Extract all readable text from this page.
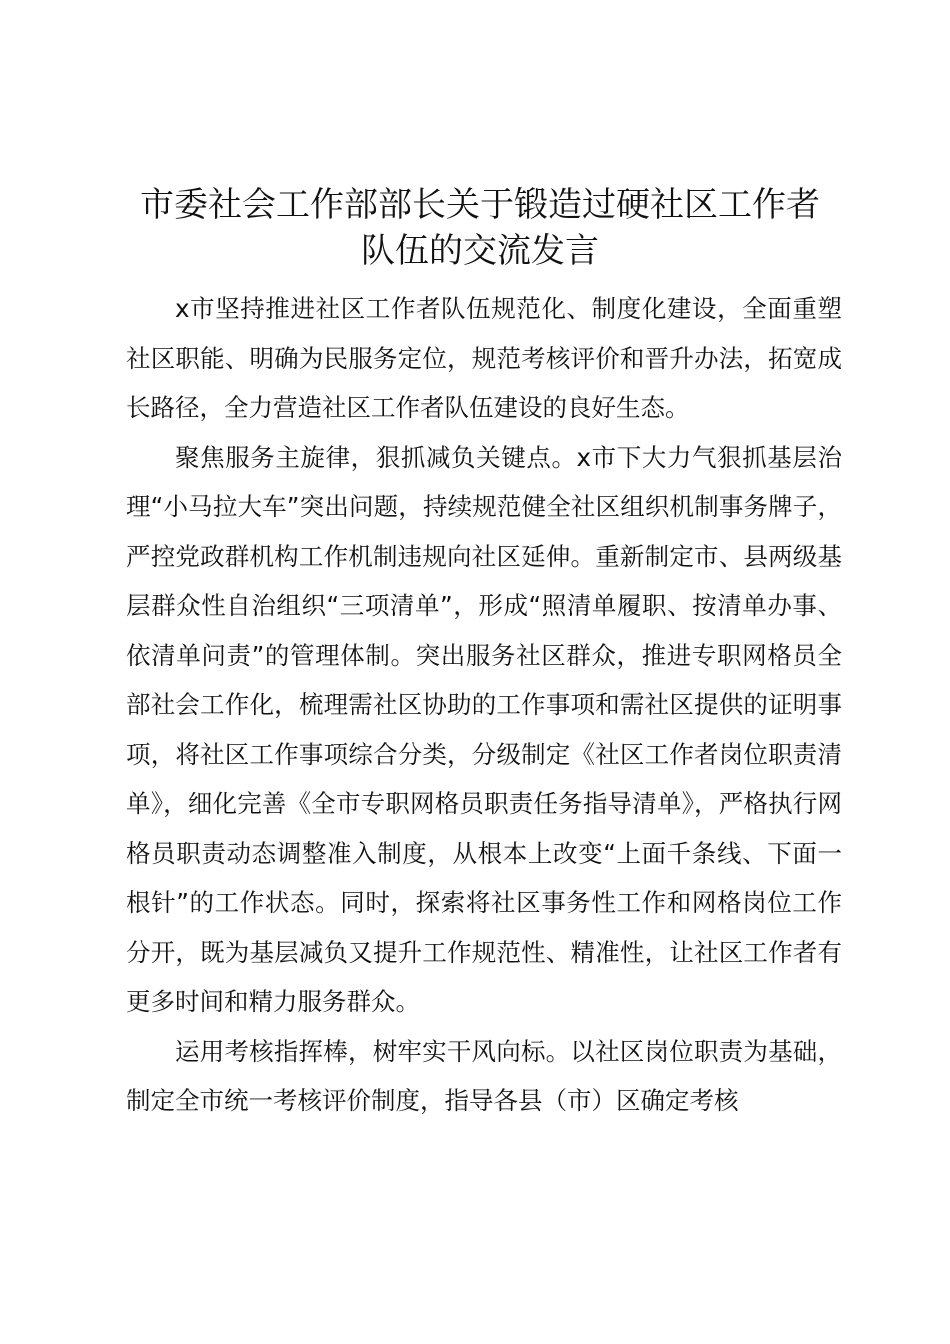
市委社会工作部部长关于锻造过硬社区工作者
队伍的交流发言

x市坚持推进社区工作者队伍规范化、制度化建设，全面重塑社区职能、明确为民服务定位，规范考核评价和晋升办法，拓宽成长路径，全力营造社区工作者队伍建设的良好生态。

聚焦服务主旋律，狠抓减负关键点。x市下大力气狠抓基层治理“小马拉大车”突出问题，持续规范健全社区组织机制事务牌子，严控党政群机构工作机制违规向社区延伸。重新制定市、县两级基层群众性自治组织“三项清单”，形成“照清单履职、按清单办事、依清单问责”的管理体制。突出服务社区群众，推进专职网格员全部社会工作化，梳理需社区协助的工作事项和需社区提供的证明事项，将社区工作事项综合分类，分级制定《社区工作者岗位职责清单》，细化完善《全市专职网格员职责任务指导清单》，严格执行网格员职责动态调整准入制度，从根本上改变“上面千条线、下面一根针”的工作状态。同时，探索将社区事务性工作和网格岗位工作分开，既为基层减负又提升工作规范性、精准性，让社区工作者有更多时间和精力服务群众。

运用考核指挥棒，树牢实干风向标。以社区岗位职责为基础，制定全市统一考核评价制度，指导各县（市）区确定考核
